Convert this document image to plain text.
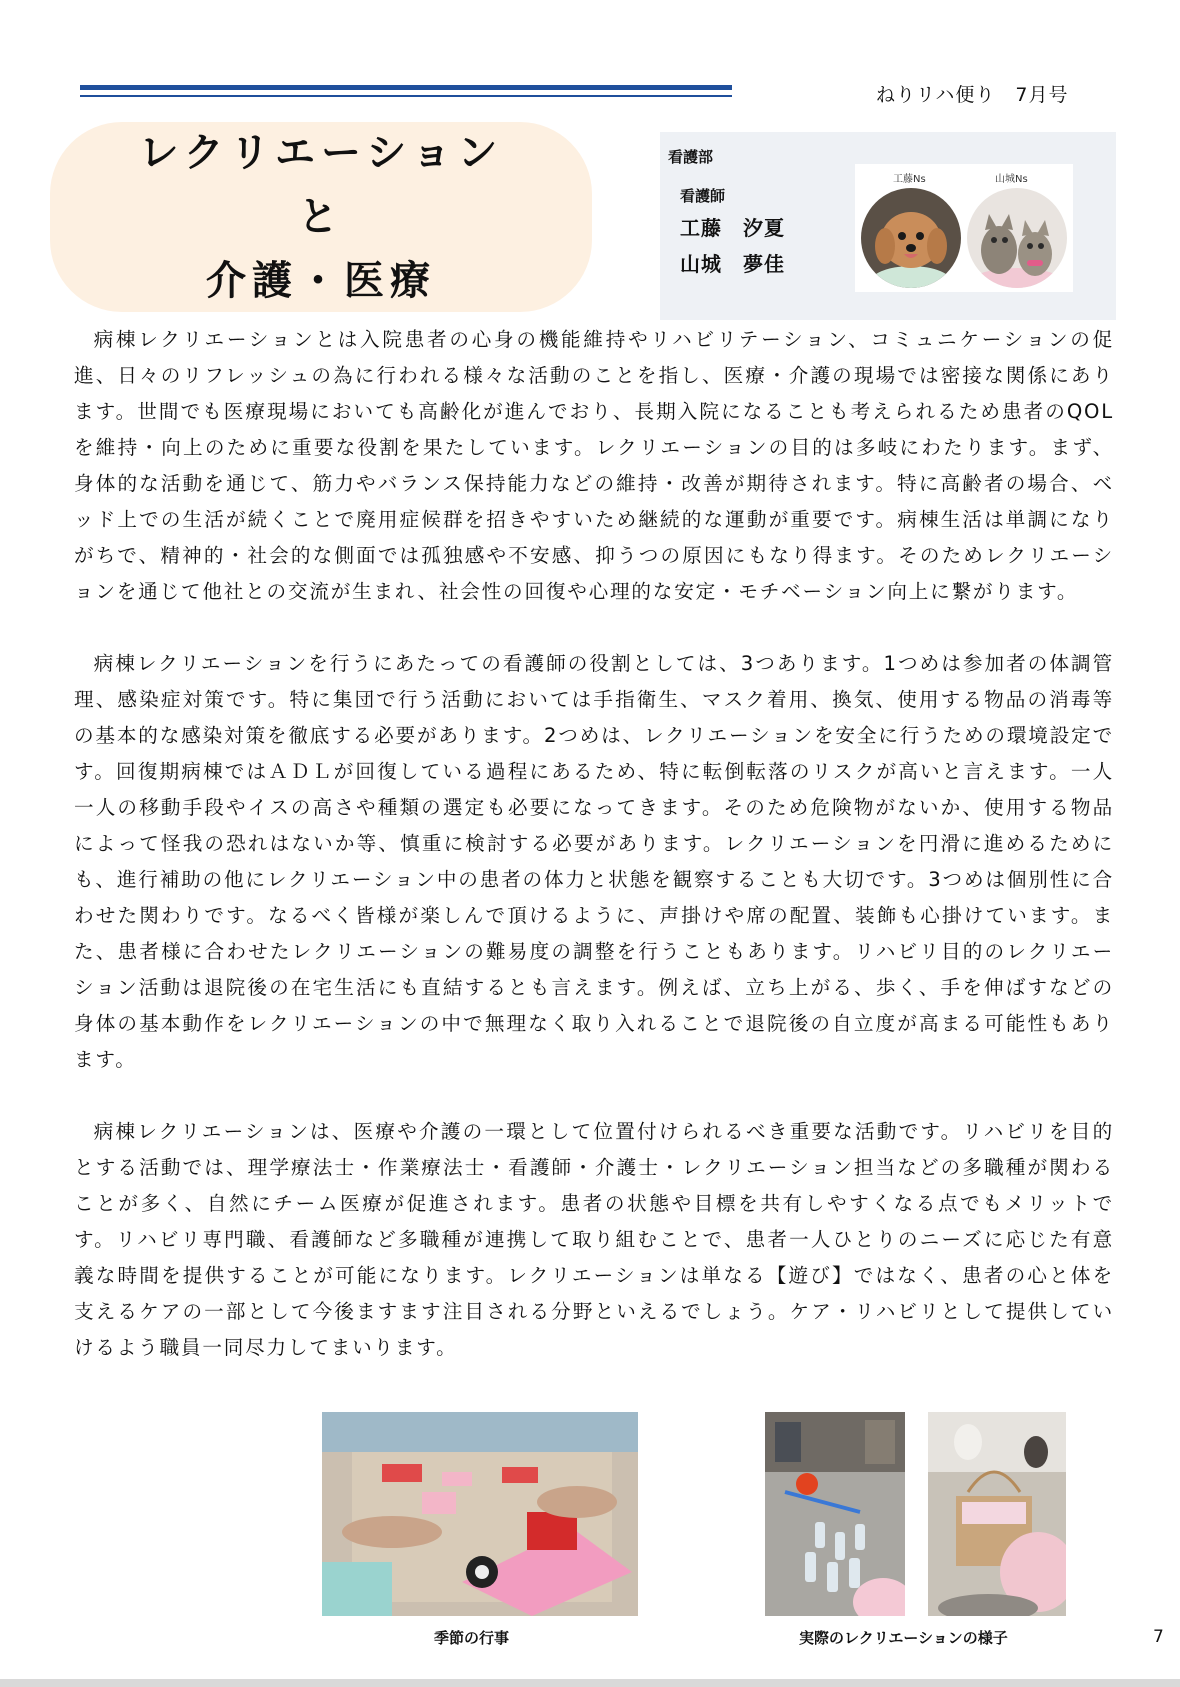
ねりリハ便り　7月号
レクリエーション
と
介護・医療
看護部
看護師
工藤　汐夏
山城　夢佳
工藤Ns	山城Ns

病棟レクリエーションとは入院患者の心身の機能維持やリハビリテーション、コミュニケーションの促進、日々のリフレッシュの為に行われる様々な活動のことを指し、医療・介護の現場では密接な関係にあります。世間でも医療現場においても高齢化が進んでおり、長期入院になることも考えられるため患者のQOLを維持・向上のために重要な役割を果たしています。レクリエーションの目的は多岐にわたります。まず、身体的な活動を通じて、筋力やバランス保持能力などの維持・改善が期待されます。特に高齢者の場合、ベッド上での生活が続くことで廃用症候群を招きやすいため継続的な運動が重要です。病棟生活は単調になりがちで、精神的・社会的な側面では孤独感や不安感、抑うつの原因にもなり得ます。そのためレクリエーションを通じて他社との交流が生まれ、社会性の回復や心理的な安定・モチベーション向上に繋がります。

病棟レクリエーションを行うにあたっての看護師の役割としては、3つあります。1つめは参加者の体調管理、感染症対策です。特に集団で行う活動においては手指衛生、マスク着用、換気、使用する物品の消毒等の基本的な感染対策を徹底する必要があります。2つめは、レクリエーションを安全に行うための環境設定です。回復期病棟ではＡＤＬが回復している過程にあるため、特に転倒転落のリスクが高いと言えます。一人一人の移動手段やイスの高さや種類の選定も必要になってきます。そのため危険物がないか、使用する物品によって怪我の恐れはないか等、慎重に検討する必要があります。レクリエーションを円滑に進めるためにも、進行補助の他にレクリエーション中の患者の体力と状態を観察することも大切です。3つめは個別性に合わせた関わりです。なるべく皆様が楽しんで頂けるように、声掛けや席の配置、装飾も心掛けています。また、患者様に合わせたレクリエーションの難易度の調整を行うこともあります。リハビリ目的のレクリエーション活動は退院後の在宅生活にも直結するとも言えます。例えば、立ち上がる、歩く、手を伸ばすなどの身体の基本動作をレクリエーションの中で無理なく取り入れることで退院後の自立度が高まる可能性もあります。

病棟レクリエーションは、医療や介護の一環として位置付けられるべき重要な活動です。リハビリを目的とする活動では、理学療法士・作業療法士・看護師・介護士・レクリエーション担当などの多職種が関わることが多く、自然にチーム医療が促進されます。患者の状態や目標を共有しやすくなる点でもメリットです。リハビリ専門職、看護師など多職種が連携して取り組むことで、患者一人ひとりのニーズに応じた有意義な時間を提供することが可能になります。レクリエーションは単なる【遊び】ではなく、患者の心と体を支えるケアの一部として今後ますます注目される分野といえるでしょう。ケア・リハビリとして提供していけるよう職員一同尽力してまいります。

季節の行事	実際のレクリエーションの様子	7
